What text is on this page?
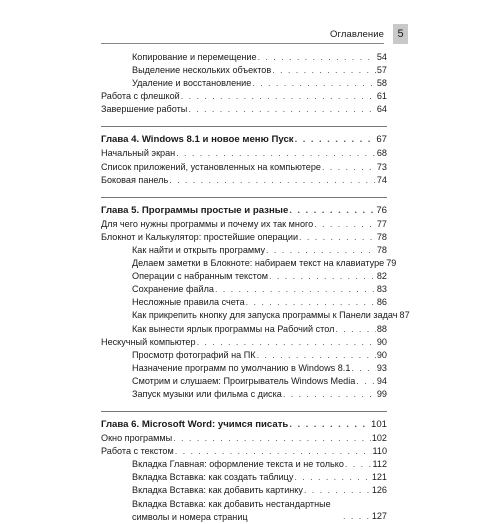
Оглавление 5
Копирование и перемещение . . .	54
Выделение нескольких объектов . . .	57
Удаление и восстановление . . .	58
Работа с флешкой . . .	61
Завершение работы . . .	64
Глава 4. Windows 8.1 и новое меню Пуск . . .	67
Начальный экран . . .	68
Список приложений, установленных на компьютере . . .	73
Боковая панель . . .	74
Глава 5. Программы простые и разные . . .	76
Для чего нужны программы и почему их так много . . .	77
Блокнот и Калькулятор: простейшие операции . . .	78
Как найти и открыть программу . . .	78
Делаем заметки в Блокноте: набираем текст на клавиатуре 79
Операции с набранным текстом . . .	82
Сохранение файла . . .	83
Несложные правила счета . . .	86
Как прикрепить кнопку для запуска программы к Панели задач 87
Как вынести ярлык программы на Рабочий стол . . .	88
Нескучный компьютер . . .	90
Просмотр фотографий на ПК . . .	90
Назначение программ по умолчанию в Windows 8.1 . . .	93
Смотрим и слушаем: Проигрыватель Windows Media . . . 94
Запуск музыки или фильма с диска . . .	99
Глава 6. Microsoft Word: учимся писать . . .	101
Окно программы . . .	102
Работа с текстом . . .	110
Вкладка Главная: оформление текста и не только . . .	112
Вкладка Вставка: как создать таблицу . . .	121
Вкладка Вставка: как добавить картинку . . .	126
Вкладка Вставка: как добавить нестандартные символы и номера страниц . . .	127
